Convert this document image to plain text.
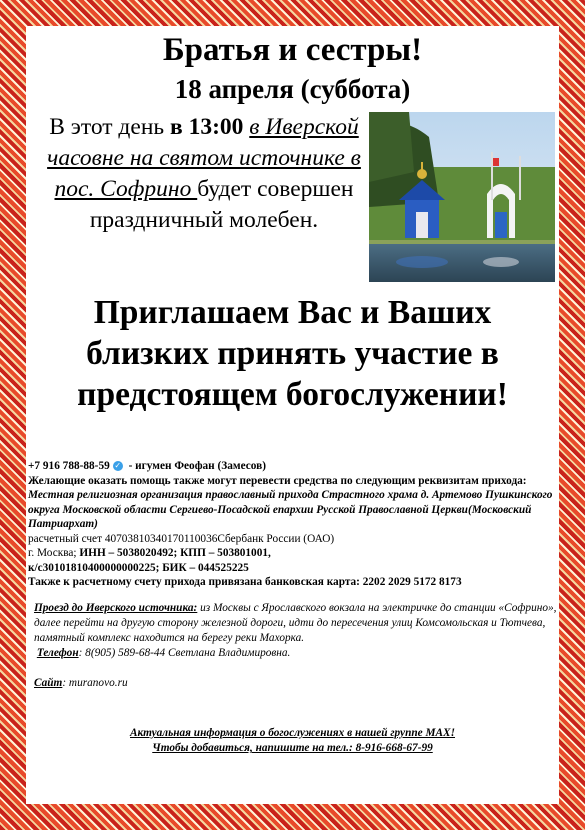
Братья и сестры!
18 апреля (суббота)
В этот день в 13:00 в Иверской часовне на святом источнике в пос. Софрино будет совершен праздничный молебен.
Приглашаем Вас и Ваших близких принять участие в предстоящем богослужении!
+7 916 788-88-59 ✓ - игумен Феофан (Замесов)
Желающие оказать помощь также могут перевести средства по следующим реквизитам прихода: Местная религиозная организация православный прихода Страстного храма д. Артемово Пушкинского округа Московской области Сергиево-Посадской епархии Русской Православной Церкви(Московский Патриархат)
расчетный счет 40703810340170110036Сбербанк России (ОАО)
г. Москва; ИНН – 5038020492; КПП – 503801001,
к/с30101810400000000225; БИК – 044525225
Также к расчетному счету прихода привязана банковская карта: 2202 2029 5172 8173
Проезд до Иверского источника: из Москвы с Ярославского вокзала на электричке до станции «Софрино», далее перейти на другую сторону железной дороги, идти до пересечения улиц Комсомольская и Тютчева, памятный комплекс находится на берегу реки Махорка.
Телефон: 8(905) 589-68-44 Светлана Владимировна.
Сайт: muranovo.ru
Актуальная информация о богослужениях в нашей группе MAX!
Чтобы добавиться, напишите на тел.: 8-916-668-67-99
